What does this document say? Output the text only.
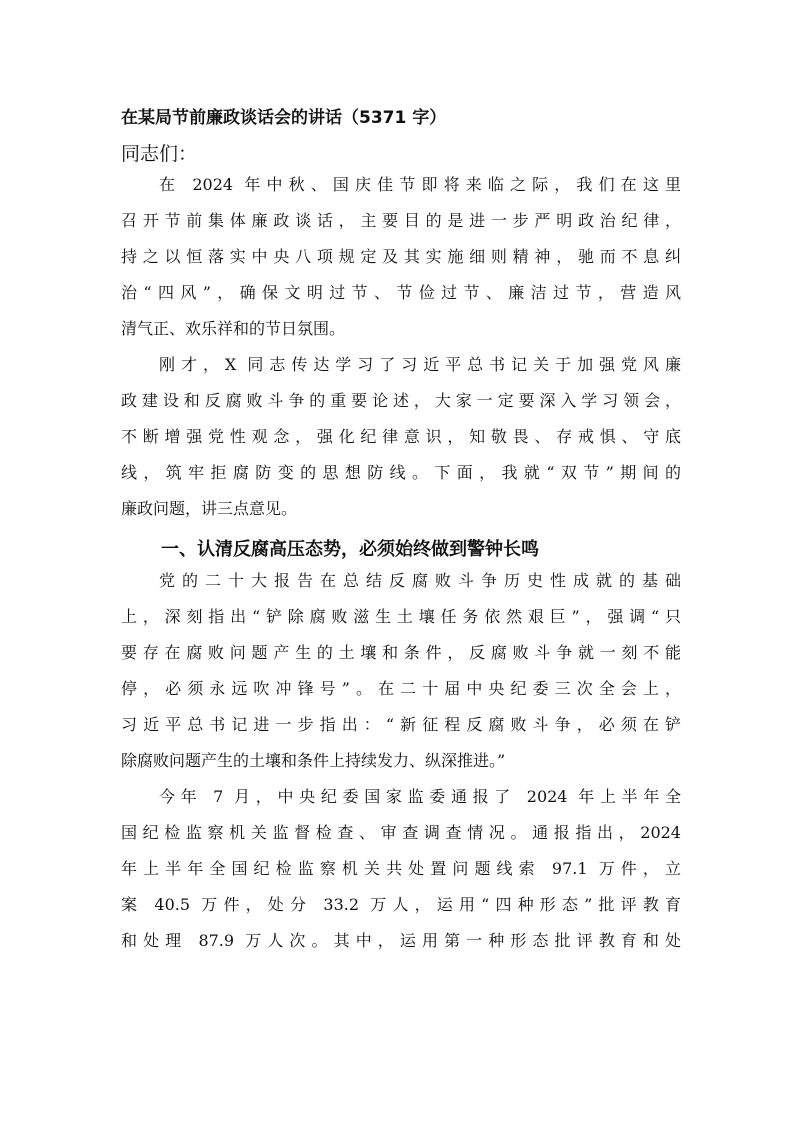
在某局节前廉政谈话会的讲话（5371 字）
同志们：
在 2024 年中秋、国庆佳节即将来临之际，我们在这里
召开节前集体廉政谈话，主要目的是进一步严明政治纪律，
持之以恒落实中央八项规定及其实施细则精神，驰而不息纠
治“四风”，确保文明过节、节俭过节、廉洁过节，营造风
清气正、欢乐祥和的节日氛围。
刚才，X 同志传达学习了习近平总书记关于加强党风廉
政建设和反腐败斗争的重要论述，大家一定要深入学习领会，
不断增强党性观念，强化纪律意识，知敬畏、存戒惧、守底
线，筑牢拒腐防变的思想防线。下面，我就“双节”期间的
廉政问题，讲三点意见。
一、认清反腐高压态势，必须始终做到警钟长鸣
党的二十大报告在总结反腐败斗争历史性成就的基础
上，深刻指出“铲除腐败滋生土壤任务依然艰巨”，强调“只
要存在腐败问题产生的土壤和条件，反腐败斗争就一刻不能
停，必须永远吹冲锋号”。在二十届中央纪委三次全会上，
习近平总书记进一步指出：“新征程反腐败斗争，必须在铲
除腐败问题产生的土壤和条件上持续发力、纵深推进。”
今年 7 月，中央纪委国家监委通报了 2024 年上半年全
国纪检监察机关监督检查、审查调查情况。通报指出，2024
年上半年全国纪检监察机关共处置问题线索 97.1 万件，立
案 40.5 万件，处分 33.2 万人，运用“四种形态”批评教育
和处理 87.9 万人次。其中，运用第一种形态批评教育和处
